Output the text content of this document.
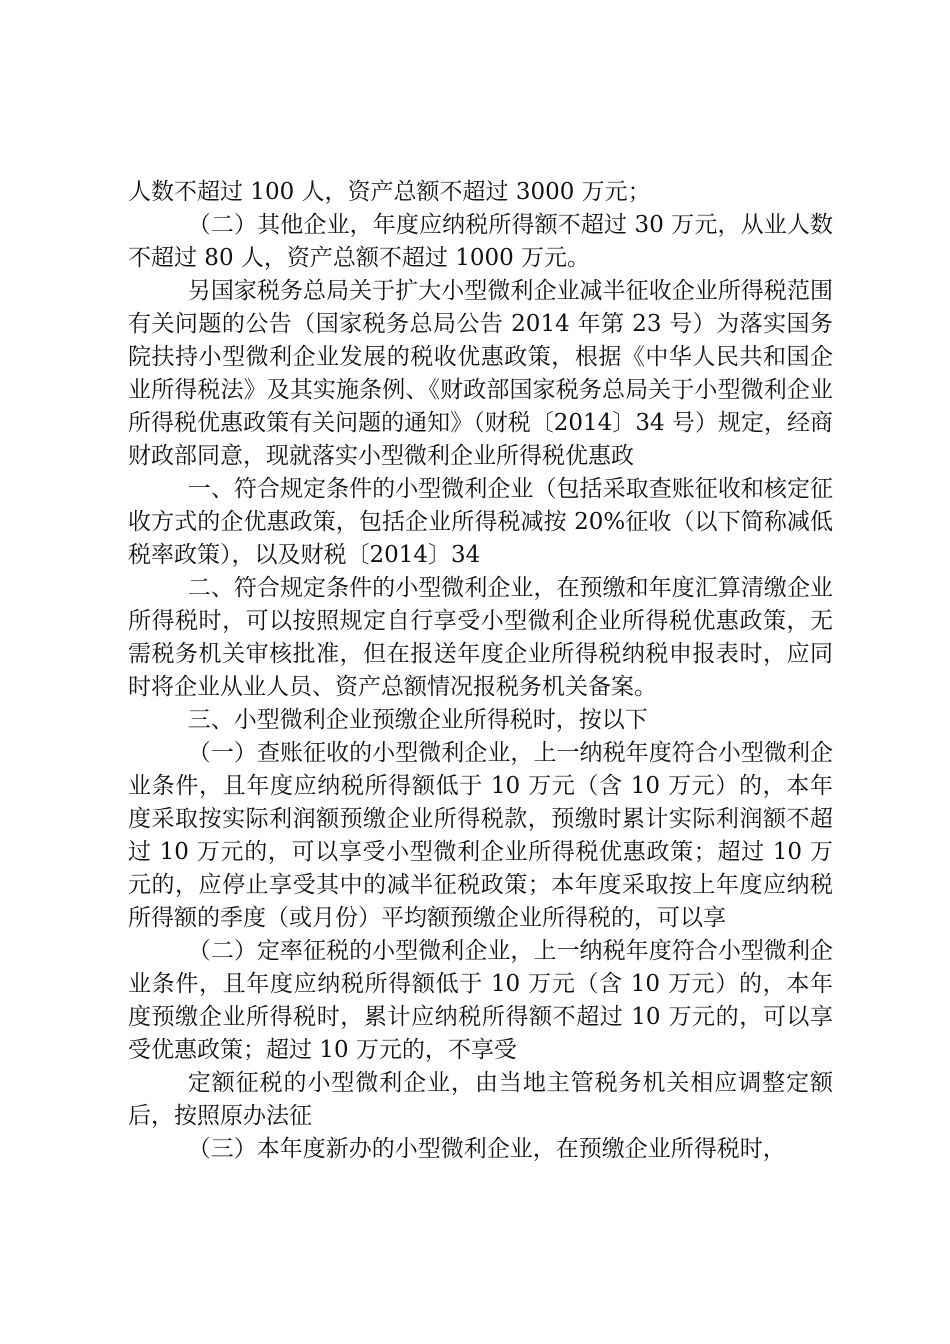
人数不超过 100 人，资产总额不超过 3000 万元；

（二）其他企业，年度应纳税所得额不超过 30 万元，从业人数不超过 80 人，资产总额不超过 1000 万元。

另国家税务总局关于扩大小型微利企业减半征收企业所得税范围有关问题的公告（国家税务总局公告 2014 年第 23 号）为落实国务院扶持小型微利企业发展的税收优惠政策，根据《中华人民共和国企业所得税法》及其实施条例、《财政部国家税务总局关于小型微利企业所得税优惠政策有关问题的通知》（财税〔2014〕34 号）规定，经商财政部同意，现就落实小型微利企业所得税优惠政

一、符合规定条件的小型微利企业（包括采取查账征收和核定征收方式的企优惠政策，包括企业所得税减按 20%征收（以下简称减低税率政策），以及财税〔2014〕34

二、符合规定条件的小型微利企业，在预缴和年度汇算清缴企业所得税时，可以按照规定自行享受小型微利企业所得税优惠政策，无需税务机关审核批准，但在报送年度企业所得税纳税申报表时，应同时将企业从业人员、资产总额情况报税务机关备案。

三、小型微利企业预缴企业所得税时，按以下

（一）查账征收的小型微利企业，上一纳税年度符合小型微利企业条件，且年度应纳税所得额低于 10 万元（含 10 万元）的，本年度采取按实际利润额预缴企业所得税款，预缴时累计实际利润额不超过 10 万元的，可以享受小型微利企业所得税优惠政策；超过 10 万元的，应停止享受其中的减半征税政策；本年度采取按上年度应纳税所得额的季度（或月份）平均额预缴企业所得税的，可以享

（二）定率征税的小型微利企业，上一纳税年度符合小型微利企业条件，且年度应纳税所得额低于 10 万元（含 10 万元）的，本年度预缴企业所得税时，累计应纳税所得额不超过 10 万元的，可以享受优惠政策；超过 10 万元的，不享受

定额征税的小型微利企业，由当地主管税务机关相应调整定额后，按照原办法征

（三）本年度新办的小型微利企业，在预缴企业所得税时，
